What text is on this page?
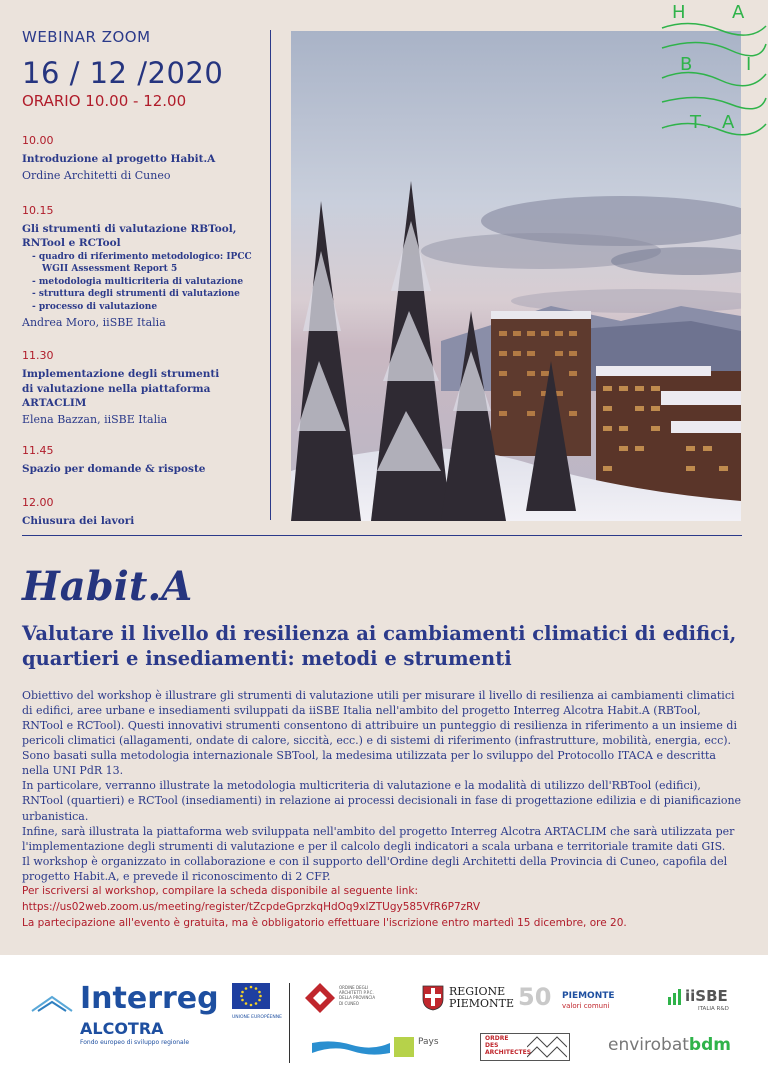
WEBINAR ZOOM
16 / 12 /2020
ORARIO 10.00 - 12.00
10.00
Introduzione al progetto Habit.A
Ordine Architetti di Cuneo
10.15
Gli strumenti di valutazione RBTool, RNTool e RCTool
- quadro di riferimento metodologico: IPCC
WGII Assessment Report 5
- metodologia multicriteria di valutazione
- struttura degli strumenti di valutazione
- processo di valutazione
Andrea Moro, iiSBE Italia
11.30
Implementazione degli strumenti di valutazione nella piattaforma ARTACLIM
Elena Bazzan, iiSBE Italia
11.45
Spazio per domande & risposte
12.00
Chiusura dei lavori
H	A
B	I
T . A
Habit.A
Valutare il livello di resilienza ai cambiamenti climatici di edifici, quartieri e insediamenti: metodi e strumenti

Obiettivo del workshop è illustrare gli strumenti di valutazione utili per misurare il livello di resilienza ai cambiamenti climatici di edifici, aree urbane e insediamenti sviluppati da iiSBE Italia nell'ambito del progetto Interreg Alcotra Habit.A (RBTool, RNTool e RCTool). Questi innovativi strumenti consentono di attribuire un punteggio di resilienza in riferimento a un insieme di pericoli climatici (allagamenti, ondate di calore, siccità, ecc.) e di sistemi di riferimento (infrastrutture, mobilità, energia, ecc). Sono basati sulla metodologia internazionale SBTool, la medesima utilizzata per lo sviluppo del Protocollo ITACA e descritta nella UNI PdR 13.

In particolare, verranno illustrate la metodologia multicriteria di valutazione e la modalità di utilizzo dell'RBTool (edifici), RNTool (quartieri) e RCTool (insediamenti) in relazione ai processi decisionali in fase di progettazione edilizia e di pianificazione urbanistica.

Infine, sarà illustrata la piattaforma web sviluppata nell'ambito del progetto Interreg Alcotra ARTACLIM che sarà utilizzata per l'implementazione degli strumenti di valutazione e per il calcolo degli indicatori a scala urbana e territoriale tramite dati GIS.

Il workshop è organizzato in collaborazione e con il supporto dell'Ordine degli Architetti della Provincia di Cuneo, capofila del progetto Habit.A, e prevede il riconoscimento di 2 CFP.

Per iscriversi al workshop, compilare la scheda disponibile al seguente link:
https://us02web.zoom.us/meeting/register/tZcpdeGprzkqHdOq9xIZTUgy585VfR6P7zRV
La partecipazione all'evento è gratuita, ma è obbligatorio effettuare l'iscrizione entro martedì 15 dicembre, ore 20.
Interreg
ALCOTRA
Fondo europeo di sviluppo regionale
UNIONE EUROPÉENNE
ORDINE DEGLI
ARCHITETTI P.P.C.
DELLA PROVINCIA
DI CUNEO
REGIONE
PIEMONTE 50 PIEMONTE
valori comuni
iiSBE
ITALIA R&D
Pays	ORDRE
DES
ARCHITECTES	envirobatbdm
